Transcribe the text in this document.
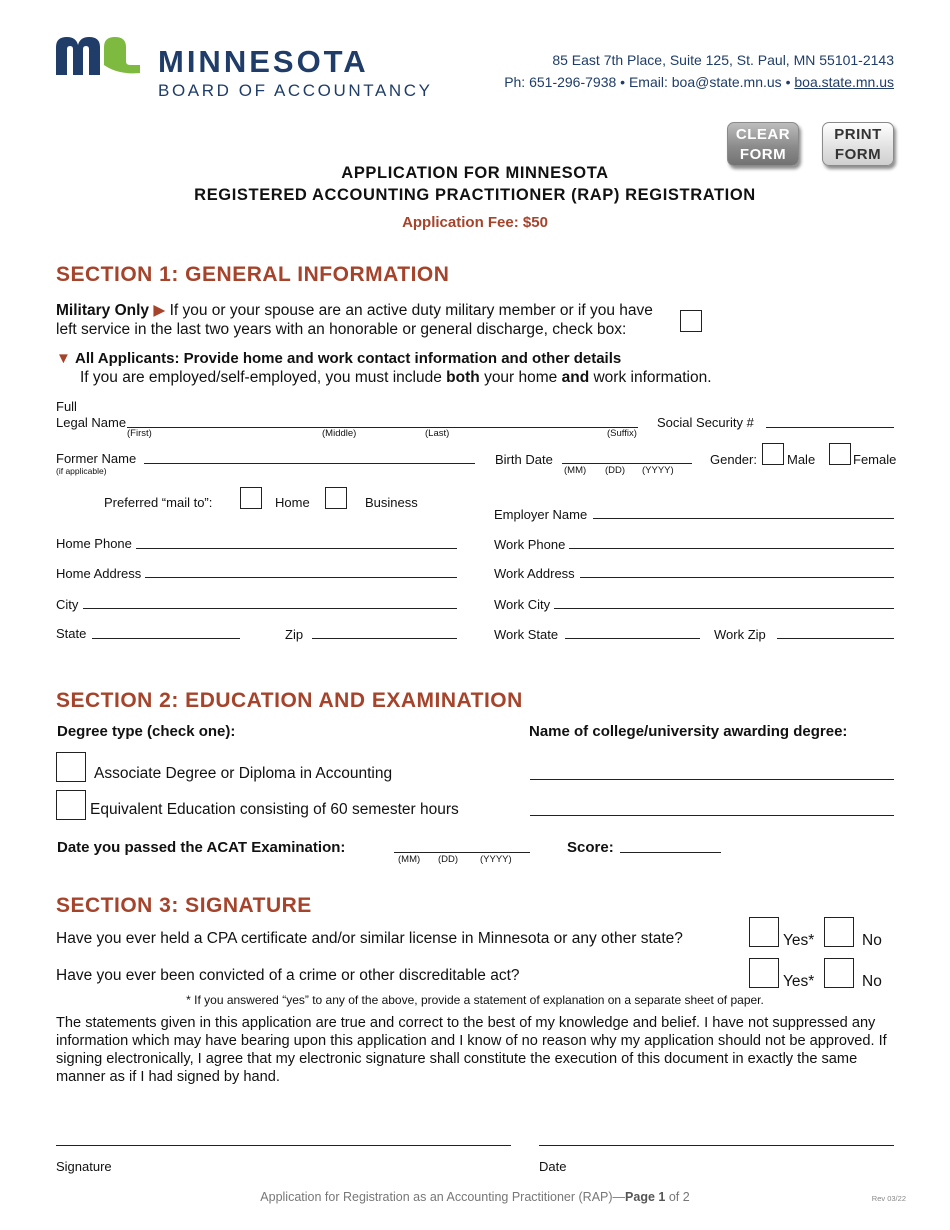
MINNESOTA
BOARD OF ACCOUNTANCY
85 East 7th Place, Suite 125, St. Paul, MN 55101-2143
Ph: 651-296-7938 • Email: boa@state.mn.us • boa.state.mn.us
CLEAR
FORM
PRINT
FORM
APPLICATION FOR MINNESOTA
REGISTERED ACCOUNTING PRACTITIONER (RAP) REGISTRATION
Application Fee: $50
SECTION 1: GENERAL INFORMATION
Military Only ▶ If you or your spouse are an active duty military member or if you have
left service in the last two years with an honorable or general discharge, check box:
▼ All Applicants: Provide home and work contact information and other details
If you are employed/self-employed, you must include both your home and work information.
Full
Legal Name
(First)	(Middle)	(Last)	(Suffix)
Social Security #
Former Name
(if applicable)
Birth Date
(MM) (DD) (YYYY)
Gender: Male	Female
Preferred “mail to”:	Home	Business
Employer Name
Home Phone	Work Phone
Home Address	Work Address
City	Work City
State	Zip	Work State	Work Zip
SECTION 2: EDUCATION AND EXAMINATION
Degree type (check one):	Name of college/university awarding degree:
Associate Degree or Diploma in Accounting
Equivalent Education consisting of 60 semester hours
Date you passed the ACAT Examination:
(MM) (DD) (YYYY)
Score:
SECTION 3: SIGNATURE
Have you ever held a CPA certificate and/or similar license in Minnesota or any other state?	Yes*	No
Have you ever been convicted of a crime or other discreditable act?	Yes*	No
* If you answered “yes” to any of the above, provide a statement of explanation on a separate sheet of paper.
The statements given in this application are true and correct to the best of my knowledge and belief. I have not suppressed any information which may have bearing upon this application and I know of no reason why my application should not be approved. If signing electronically, I agree that my electronic signature shall constitute the execution of this document in exactly the same manner as if I had signed by hand.
Signature	Date
Application for Registration as an Accounting Practitioner (RAP)—Page 1 of 2	Rev 03/22
